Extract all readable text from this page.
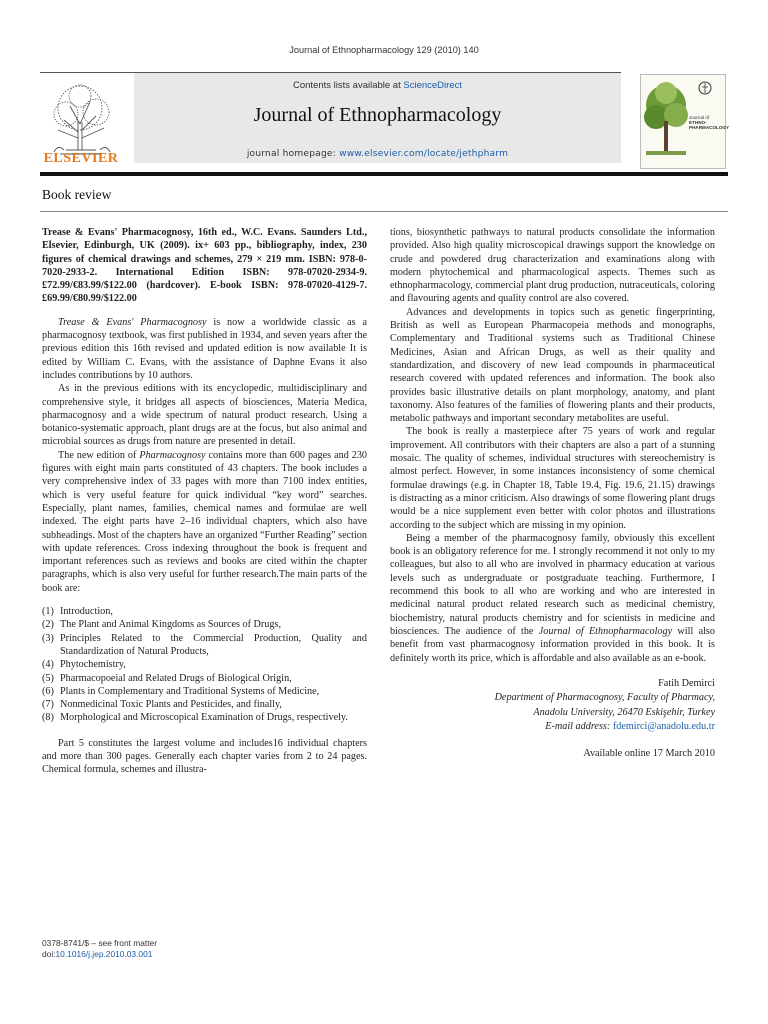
Journal of Ethnopharmacology 129 (2010) 140
ELSEVIER
Contents lists available at ScienceDirect
Journal of Ethnopharmacology
journal homepage: www.elsevier.com/locate/jethpharm
Journal of
ETHNO-
PHARMACOLOGY
Book review

Trease & Evans' Pharmacognosy, 16th ed., W.C. Evans. Saunders Ltd., Elsevier, Edinburgh, UK (2009). ix+ 603 pp., bibliography, index, 230 figures of chemical drawings and schemes, 279 × 219 mm. ISBN: 978-0-7020-2933-2. International Edition ISBN: 978-07020-2934-9. £72.99/€83.99/$122.00 (hardcover). E-book ISBN: 978-07020-4129-7. £69.99/€80.99/$122.00

Trease & Evans' Pharmacognosy is now a worldwide classic as a pharmacognosy textbook, was first published in 1934, and seven years after the previous edition this 16th revised and updated edition is now available It is edited by William C. Evans, with the assistance of Daphne Evans it also includes contributions by 10 authors.

As in the previous editions with its encyclopedic, multidisciplinary and comprehensive style, it bridges all aspects of biosciences, Materia Medica, pharmacognosy and a wide spectrum of natural product research. Using a botanico-systematic approach, plant drugs are at the focus, but also animal and microbial sources as drugs from nature are presented in detail.

The new edition of Pharmacognosy contains more than 600 pages and 230 figures with eight main parts constituted of 43 chapters. The book includes a very comprehensive index of 33 pages with more than 7100 index entities, which is very useful feature for quick individual “key word” searches. Especially, plant names, families, chemical names and formulae are well indexed. The eight parts have 2–16 individual chapters, which also have subheadings. Most of the chapters have an organized “Further Reading” section with update references. Cross indexing throughout the book is frequent and important references such as reviews and books are cited within the chapter paragraphs, which is also very useful for further research.The main parts of the book are:

(1) Introduction,
(2) The Plant and Animal Kingdoms as Sources of Drugs,
(3) Principles Related to the Commercial Production, Quality and Standardization of Natural Products,
(4) Phytochemistry,
(5) Pharmacopoeial and Related Drugs of Biological Origin,
(6) Plants in Complementary and Traditional Systems of Medicine,
(7) Nonmedicinal Toxic Plants and Pesticides, and finally,
(8) Morphological and Microscopical Examination of Drugs, respectively.

Part 5 constitutes the largest volume and includes16 individual chapters and more than 300 pages. Generally each chapter varies from 2 to 24 pages. Chemical formula, schemes and illustra-

tions, biosynthetic pathways to natural products consolidate the information provided. Also high quality microscopical drawings support the knowledge on crude and powdered drug characterization and examinations along with modern phytochemical and pharmacological aspects. Themes such as ethnopharmacology, commercial plant drug production, nutraceuticals, coloring and flavouring agents and quality control are also covered.

Advances and developments in topics such as genetic fingerprinting, British as well as European Pharmacopeia methods and monographs, Complementary and Traditional systems such as Traditional Chinese Medicines, Asian and African Drugs, as well as their quality and standardization, and discovery of new lead compounds in pharmaceutical research covered with updated references and information. The book also provides basic illustrative details on plant morphology, anatomy, and plant taxonomy. Also features of the families of flowering plants and their products, metabolic pathways and important secondary metabolites are useful.

The book is really a masterpiece after 75 years of work and regular improvement. All contributors with their chapters are also a part of a stunning mosaic. The quality of schemes, individual structures with stereochemistry is almost perfect. However, in some instances inconsistency of some chemical formulae drawings (e.g. in Chapter 18, Table 19.4, Fig. 19.6, 21.15) drawings is distracting as a minor criticism. Also drawings of some flowering plant drugs would be a nice supplement even better with color photos and illustrations according to the subject which are missing in my opinion.

Being a member of the pharmacognosy family, obviously this excellent book is an obligatory reference for me. I strongly recommend it not only to my colleagues, but also to all who are involved in pharmacy education at various levels such as undergraduate or postgraduate teaching. Furthermore, I recommend this book to all who are working and who are interested in medicinal natural product related research such as medicinal chemistry, biochemistry, natural products chemistry and for scientists in medicine and biosciences. The audience of the Journal of Ethnopharmacology will also benefit from vast pharmacognosy information provided in this book. It is definitely worth its price, which is affordable and also available as an e-book.

Fatih Demirci
Department of Pharmacognosy, Faculty of Pharmacy,
Anadolu University, 26470 Eskişehir, Turkey
E-mail address: fdemirci@anadolu.edu.tr
Available online 17 March 2010
0378-8741/$ – see front matter
doi:10.1016/j.jep.2010.03.001
